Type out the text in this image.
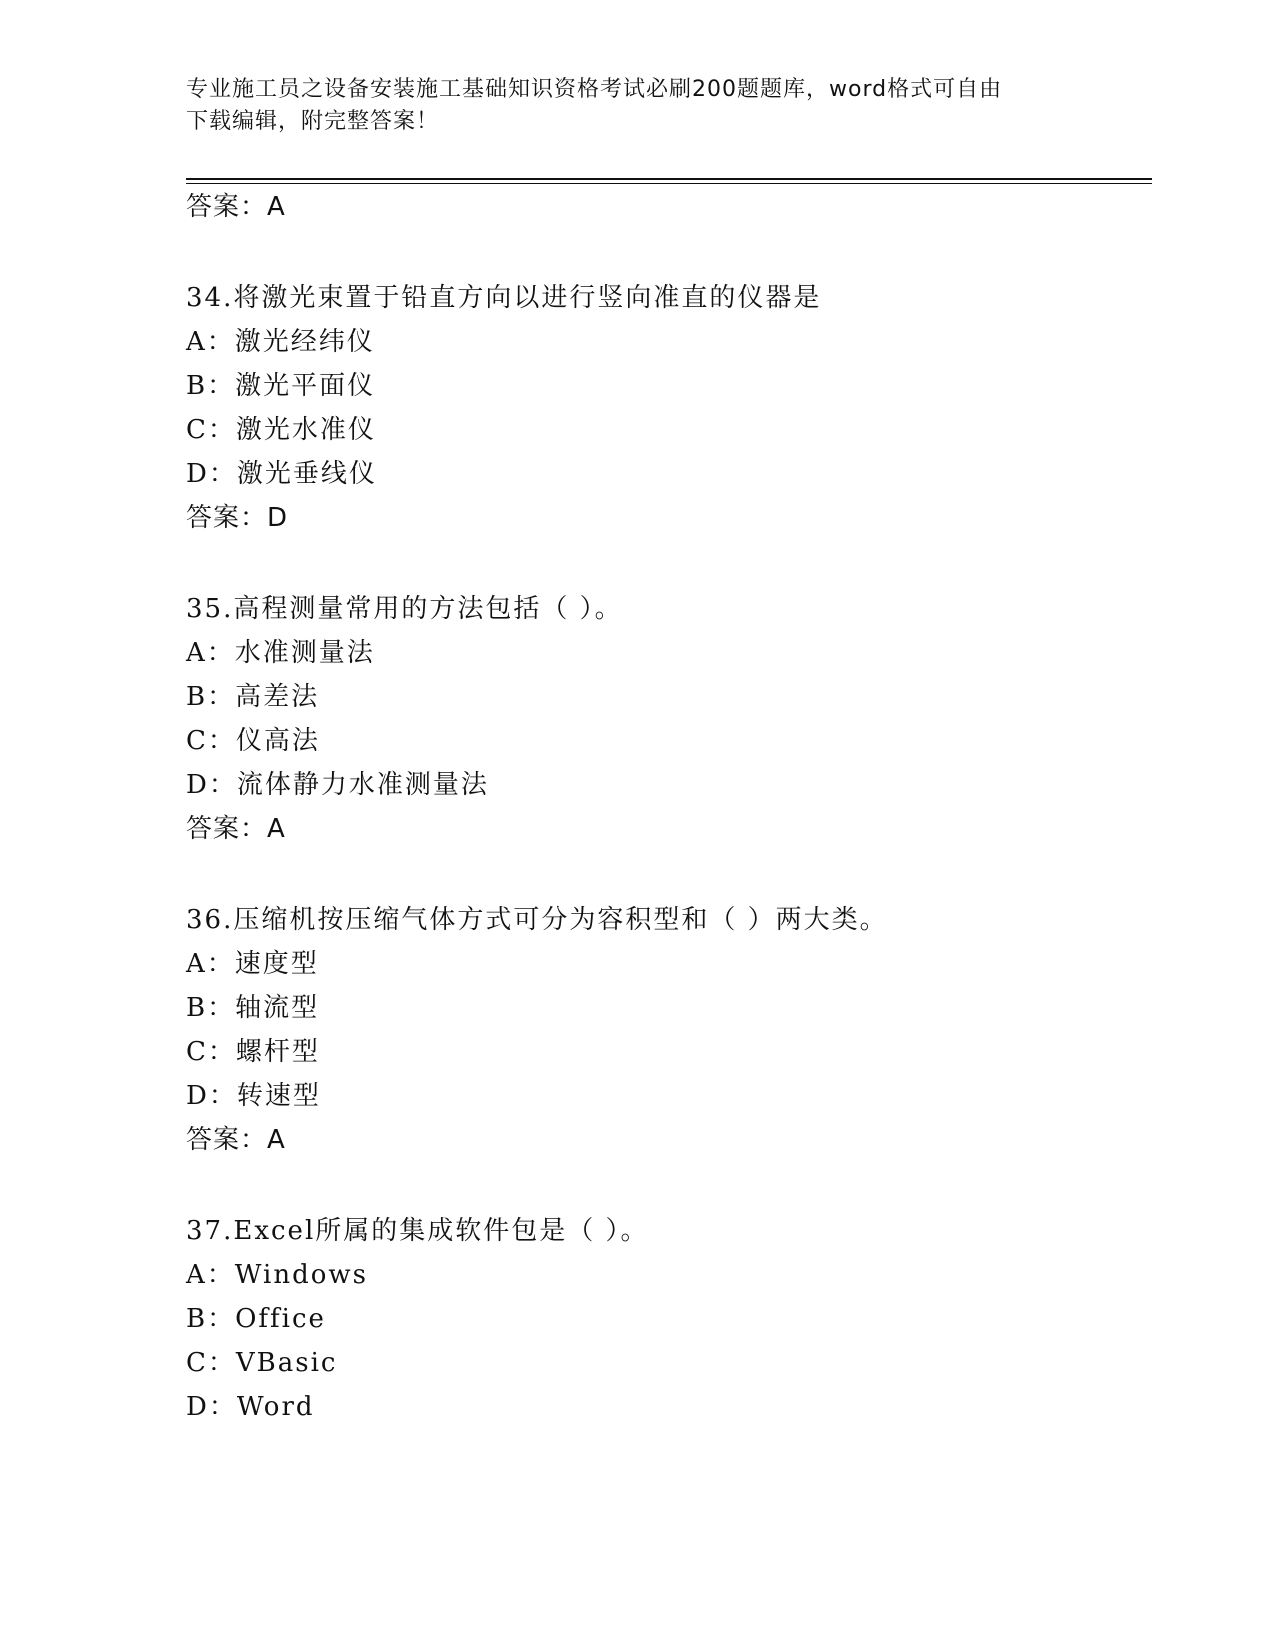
专业施工员之设备安装施工基础知识资格考试必刷200题题库，word格式可自由
下载编辑，附完整答案！
答案：A
34.将激光束置于铅直方向以进行竖向准直的仪器是
A：激光经纬仪
B：激光平面仪
C：激光水准仪
D：激光垂线仪
答案：D
35.高程测量常用的方法包括（ ）。
A：水准测量法
B：高差法
C：仪高法
D：流体静力水准测量法
答案：A
36.压缩机按压缩气体方式可分为容积型和（ ）两大类。
A：速度型
B：轴流型
C：螺杆型
D：转速型
答案：A
37.Excel所属的集成软件包是（ ）。
A：Windows
B：Office
C：VBasic
D：Word
